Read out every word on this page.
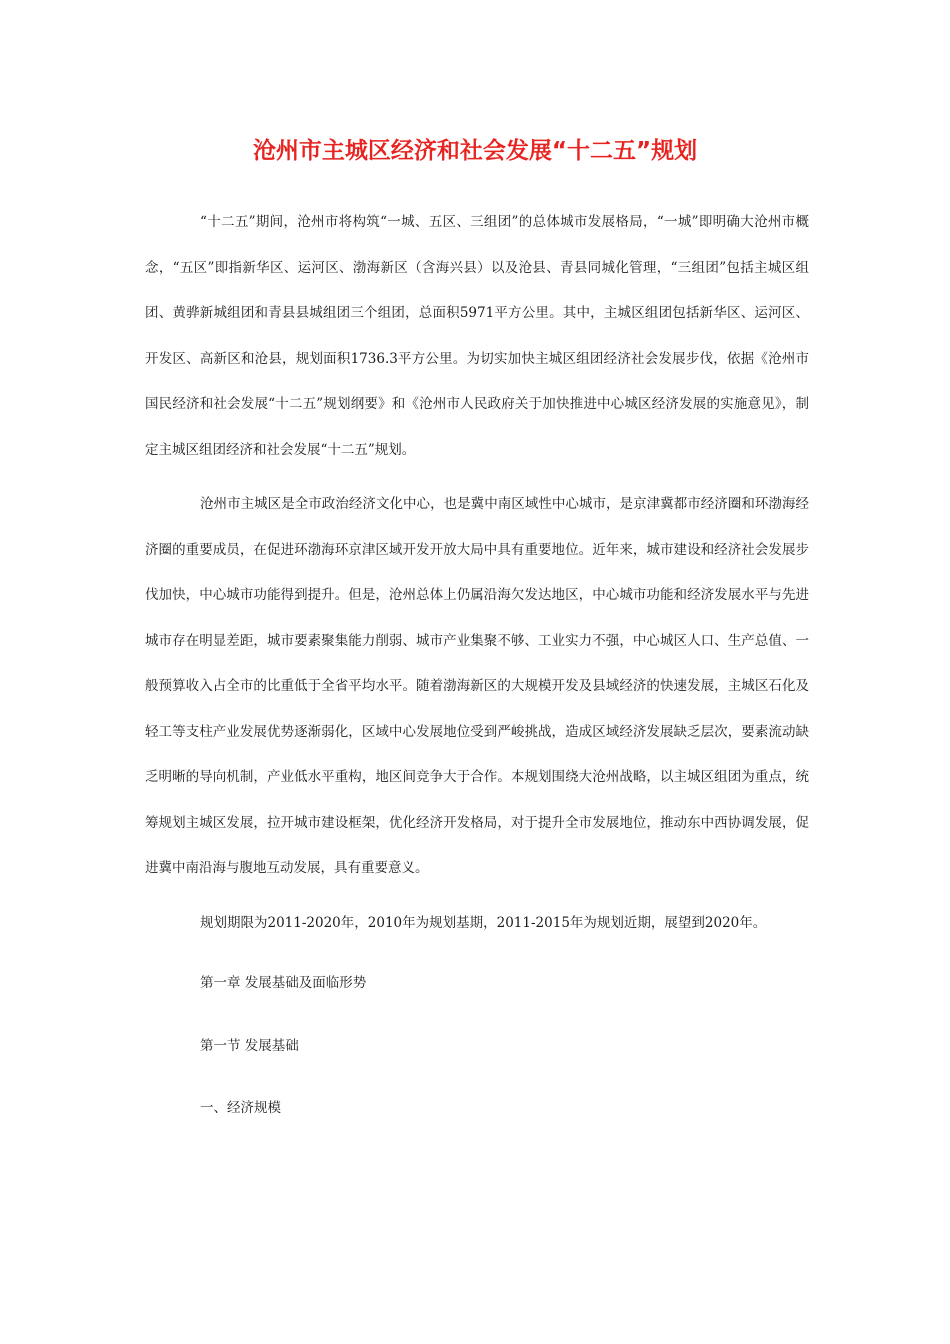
沧州市主城区经济和社会发展“十二五”规划

“十二五”期间，沧州市将构筑“一城、五区、三组团”的总体城市发展格局，“一城”即明确大沧州市概念，“五区”即指新华区、运河区、渤海新区（含海兴县）以及沧县、青县同城化管理，“三组团”包括主城区组团、黄骅新城组团和青县县城组团三个组团，总面积5971平方公里。其中，主城区组团包括新华区、运河区、开发区、高新区和沧县，规划面积1736.3平方公里。为切实加快主城区组团经济社会发展步伐，依据《沧州市国民经济和社会发展“十二五”规划纲要》和《沧州市人民政府关于加快推进中心城区经济发展的实施意见》，制定主城区组团经济和社会发展“十二五”规划。

沧州市主城区是全市政治经济文化中心，也是冀中南区域性中心城市，是京津冀都市经济圈和环渤海经济圈的重要成员，在促进环渤海环京津区域开发开放大局中具有重要地位。近年来，城市建设和经济社会发展步伐加快，中心城市功能得到提升。但是，沧州总体上仍属沿海欠发达地区，中心城市功能和经济发展水平与先进城市存在明显差距，城市要素聚集能力削弱、城市产业集聚不够、工业实力不强，中心城区人口、生产总值、一般预算收入占全市的比重低于全省平均水平。随着渤海新区的大规模开发及县域经济的快速发展，主城区石化及轻工等支柱产业发展优势逐渐弱化，区域中心发展地位受到严峻挑战，造成区域经济发展缺乏层次，要素流动缺乏明晰的导向机制，产业低水平重构，地区间竞争大于合作。本规划围绕大沧州战略，以主城区组团为重点，统筹规划主城区发展，拉开城市建设框架，优化经济开发格局，对于提升全市发展地位，推动东中西协调发展，促进冀中南沿海与腹地互动发展，具有重要意义。

规划期限为2011-2020年，2010年为规划基期，2011-2015年为规划近期，展望到2020年。

第一章 发展基础及面临形势

第一节 发展基础

一、经济规模
